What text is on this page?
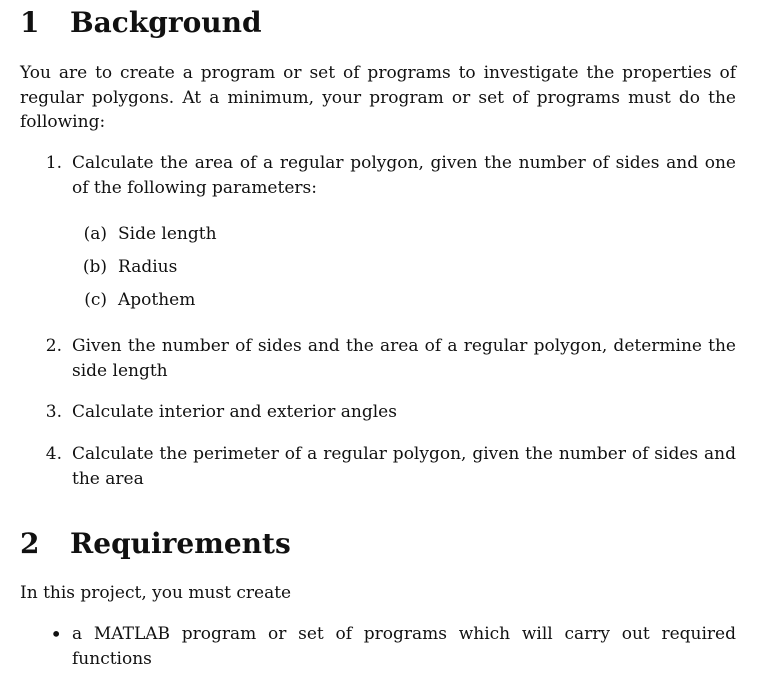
1 Background

You are to create a program or set of programs to investigate the properties of regular polygons. At a minimum, your program or set of programs must do the following:

1. Calculate the area of a regular polygon, given the number of sides and one of the following parameters:
(a) Side length
(b) Radius
(c) Apothem
2. Given the number of sides and the area of a regular polygon, determine the side length
3. Calculate interior and exterior angles
4. Calculate the perimeter of a regular polygon, given the number of sides and the area
2 Requirements

In this project, you must create

• a MATLAB program or set of programs which will carry out required functions
